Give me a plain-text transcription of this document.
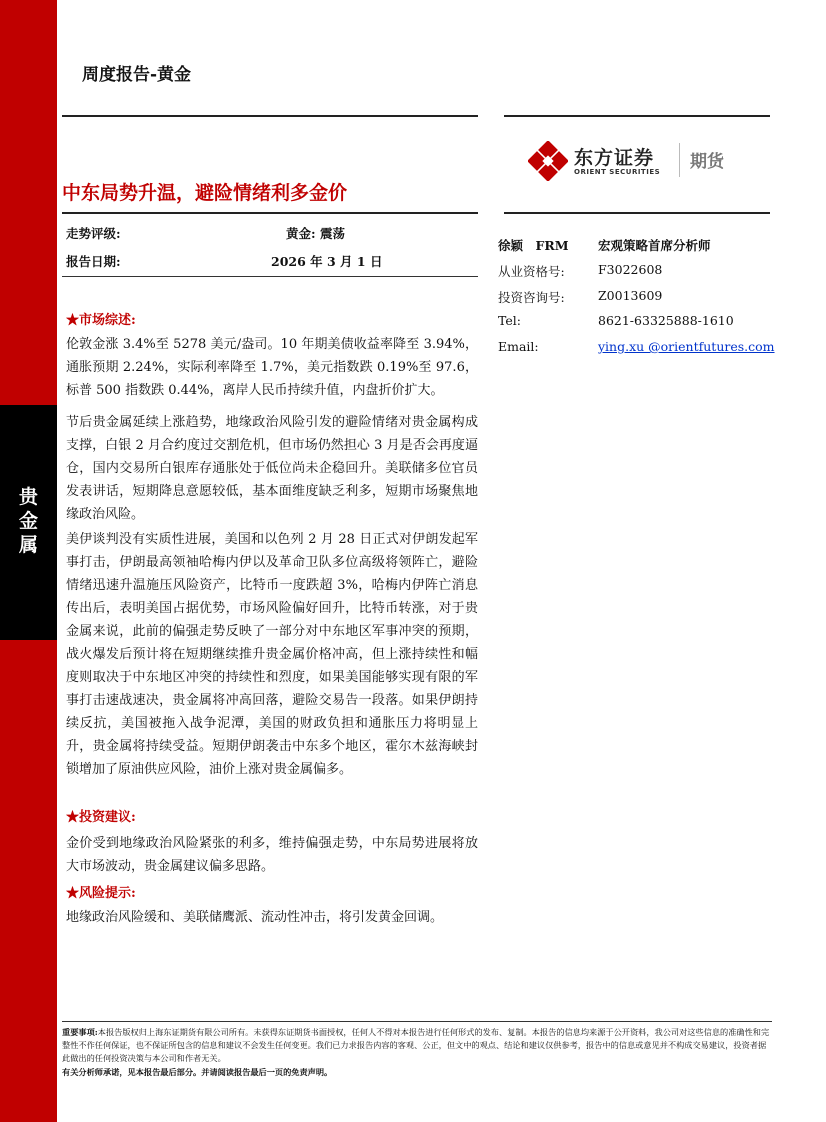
贵
金
属
周度报告-黄金
东方证券
ORIENT SECURITIES 期货
中东局势升温，避险情绪利多金价
走势评级:	黄金: 震荡
报告日期:	2026 年 3 月 1 日
徐颖　FRM 宏观策略首席分析师
从业资格号:	F3022608
投资咨询号:	Z0013609
Tel:	8621-63325888-1610
Email:	ying.xu @orientfutures.com
★市场综述:
伦敦金涨 3.4%至 5278 美元/盎司。10 年期美债收益率降至 3.94%，通胀预期 2.24%，实际利率降至 1.7%，美元指数跌 0.19%至 97.6，标普 500 指数跌 0.44%，离岸人民币持续升值，内盘折价扩大。
节后贵金属延续上涨趋势，地缘政治风险引发的避险情绪对贵金属构成支撑，白银 2 月合约度过交割危机，但市场仍然担心 3 月是否会再度逼仓，国内交易所白银库存通胀处于低位尚未企稳回升。美联储多位官员发表讲话，短期降息意愿较低，基本面维度缺乏利多，短期市场聚焦地缘政治风险。
美伊谈判没有实质性进展，美国和以色列 2 月 28 日正式对伊朗发起军事打击，伊朗最高领袖哈梅内伊以及革命卫队多位高级将领阵亡，避险情绪迅速升温施压风险资产，比特币一度跌超 3%，哈梅内伊阵亡消息传出后，表明美国占据优势，市场风险偏好回升，比特币转涨，对于贵金属来说，此前的偏强走势反映了一部分对中东地区军事冲突的预期，战火爆发后预计将在短期继续推升贵金属价格冲高，但上涨持续性和幅度则取决于中东地区冲突的持续性和烈度，如果美国能够实现有限的军事打击速战速决，贵金属将冲高回落，避险交易告一段落。如果伊朗持续反抗，美国被拖入战争泥潭，美国的财政负担和通胀压力将明显上升，贵金属将持续受益。短期伊朗袭击中东多个地区，霍尔木兹海峡封锁增加了原油供应风险，油价上涨对贵金属偏多。
★投资建议:
金价受到地缘政治风险紧张的利多，维持偏强走势，中东局势进展将放大市场波动，贵金属建议偏多思路。
★风险提示:
地缘政治风险缓和、美联储鹰派、流动性冲击，将引发黄金回调。
重要事项:本报告版权归上海东证期货有限公司所有。未获得东证期货书面授权，任何人不得对本报告进行任何形式的发布、复制。本报告的信息均来源于公开资料，我公司对这些信息的准确性和完整性不作任何保证，也不保证所包含的信息和建议不会发生任何变更。我们已力求报告内容的客观、公正，但文中的观点、结论和建议仅供参考，报告中的信息或意见并不构成交易建议，投资者据此做出的任何投资决策与本公司和作者无关。
有关分析师承诺，见本报告最后部分。并请阅读报告最后一页的免责声明。
